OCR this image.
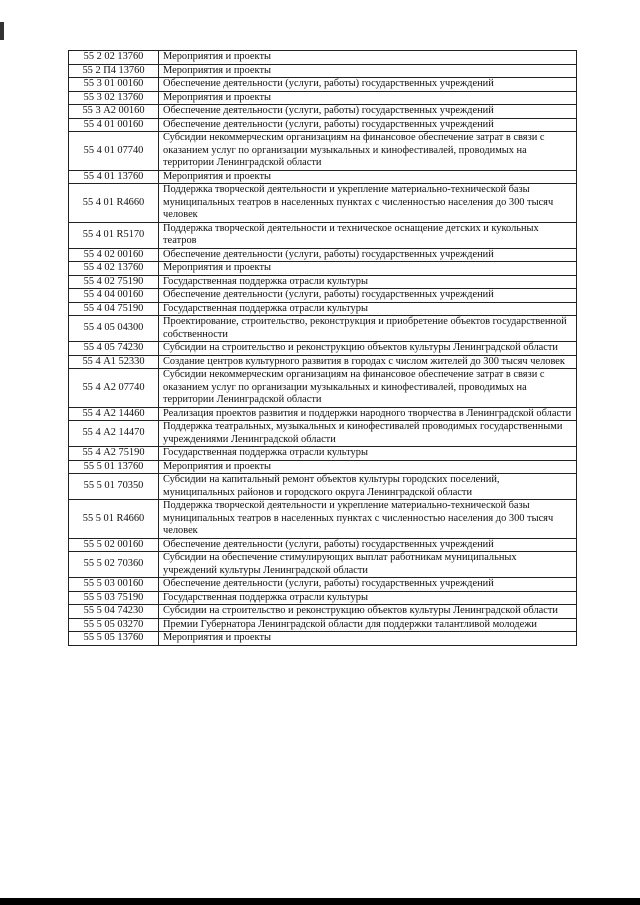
55 2 02 13760	Мероприятия и проекты
55 2 П4 13760	Мероприятия и проекты
55 3 01 00160	Обеспечение деятельности (услуги, работы) государственных учреждений
55 3 02 13760	Мероприятия и проекты
55 3 А2 00160	Обеспечение деятельности (услуги, работы) государственных учреждений
55 4 01 00160	Обеспечение деятельности (услуги, работы) государственных учреждений
55 4 01 07740	Субсидии некоммерческим организациям на финансовое обеспечение затрат в связи с оказанием услуг по организации музыкальных и кинофестивалей, проводимых на территории Ленинградской области
55 4 01 13760	Мероприятия и проекты
55 4 01 R4660	Поддержка творческой деятельности и укрепление материально-технической базы муниципальных театров в населенных пунктах с численностью населения до 300 тысяч человек
55 4 01 R5170	Поддержка творческой деятельности и техническое оснащение детских и кукольных театров
55 4 02 00160	Обеспечение деятельности (услуги, работы) государственных учреждений
55 4 02 13760	Мероприятия и проекты
55 4 02 75190	Государственная поддержка отрасли культуры
55 4 04 00160	Обеспечение деятельности (услуги, работы) государственных учреждений
55 4 04 75190	Государственная поддержка отрасли культуры
55 4 05 04300	Проектирование, строительство, реконструкция и приобретение объектов государственной собственности
55 4 05 74230	Субсидии на строительство и реконструкцию объектов культуры Ленинградской области
55 4 А1 52330	Создание центров культурного развития в городах с числом жителей до 300 тысяч человек
55 4 А2 07740	Субсидии некоммерческим организациям на финансовое обеспечение затрат в связи с оказанием услуг по организации музыкальных и кинофестивалей, проводимых на территории Ленинградской области
55 4 А2 14460	Реализация проектов развития и поддержки народного творчества в Ленинградской области
55 4 А2 14470	Поддержка театральных, музыкальных и кинофестивалей проводимых государственными учреждениями Ленинградской области
55 4 А2 75190	Государственная поддержка отрасли культуры
55 5 01 13760	Мероприятия и проекты
55 5 01 70350	Субсидии на капитальный ремонт объектов культуры городских поселений, муниципальных районов и городского округа Ленинградской области
55 5 01 R4660	Поддержка творческой деятельности и укрепление материально-технической базы муниципальных театров в населенных пунктах с численностью населения до 300 тысяч человек
55 5 02 00160	Обеспечение деятельности (услуги, работы) государственных учреждений
55 5 02 70360	Субсидии на обеспечение стимулирующих выплат работникам муниципальных учреждений культуры Ленинградской области
55 5 03 00160	Обеспечение деятельности (услуги, работы) государственных учреждений
55 5 03 75190	Государственная поддержка отрасли культуры
55 5 04 74230	Субсидии на строительство и реконструкцию объектов культуры Ленинградской области
55 5 05 03270	Премии Губернатора Ленинградской области для поддержки талантливой молодежи
55 5 05 13760	Мероприятия и проекты
